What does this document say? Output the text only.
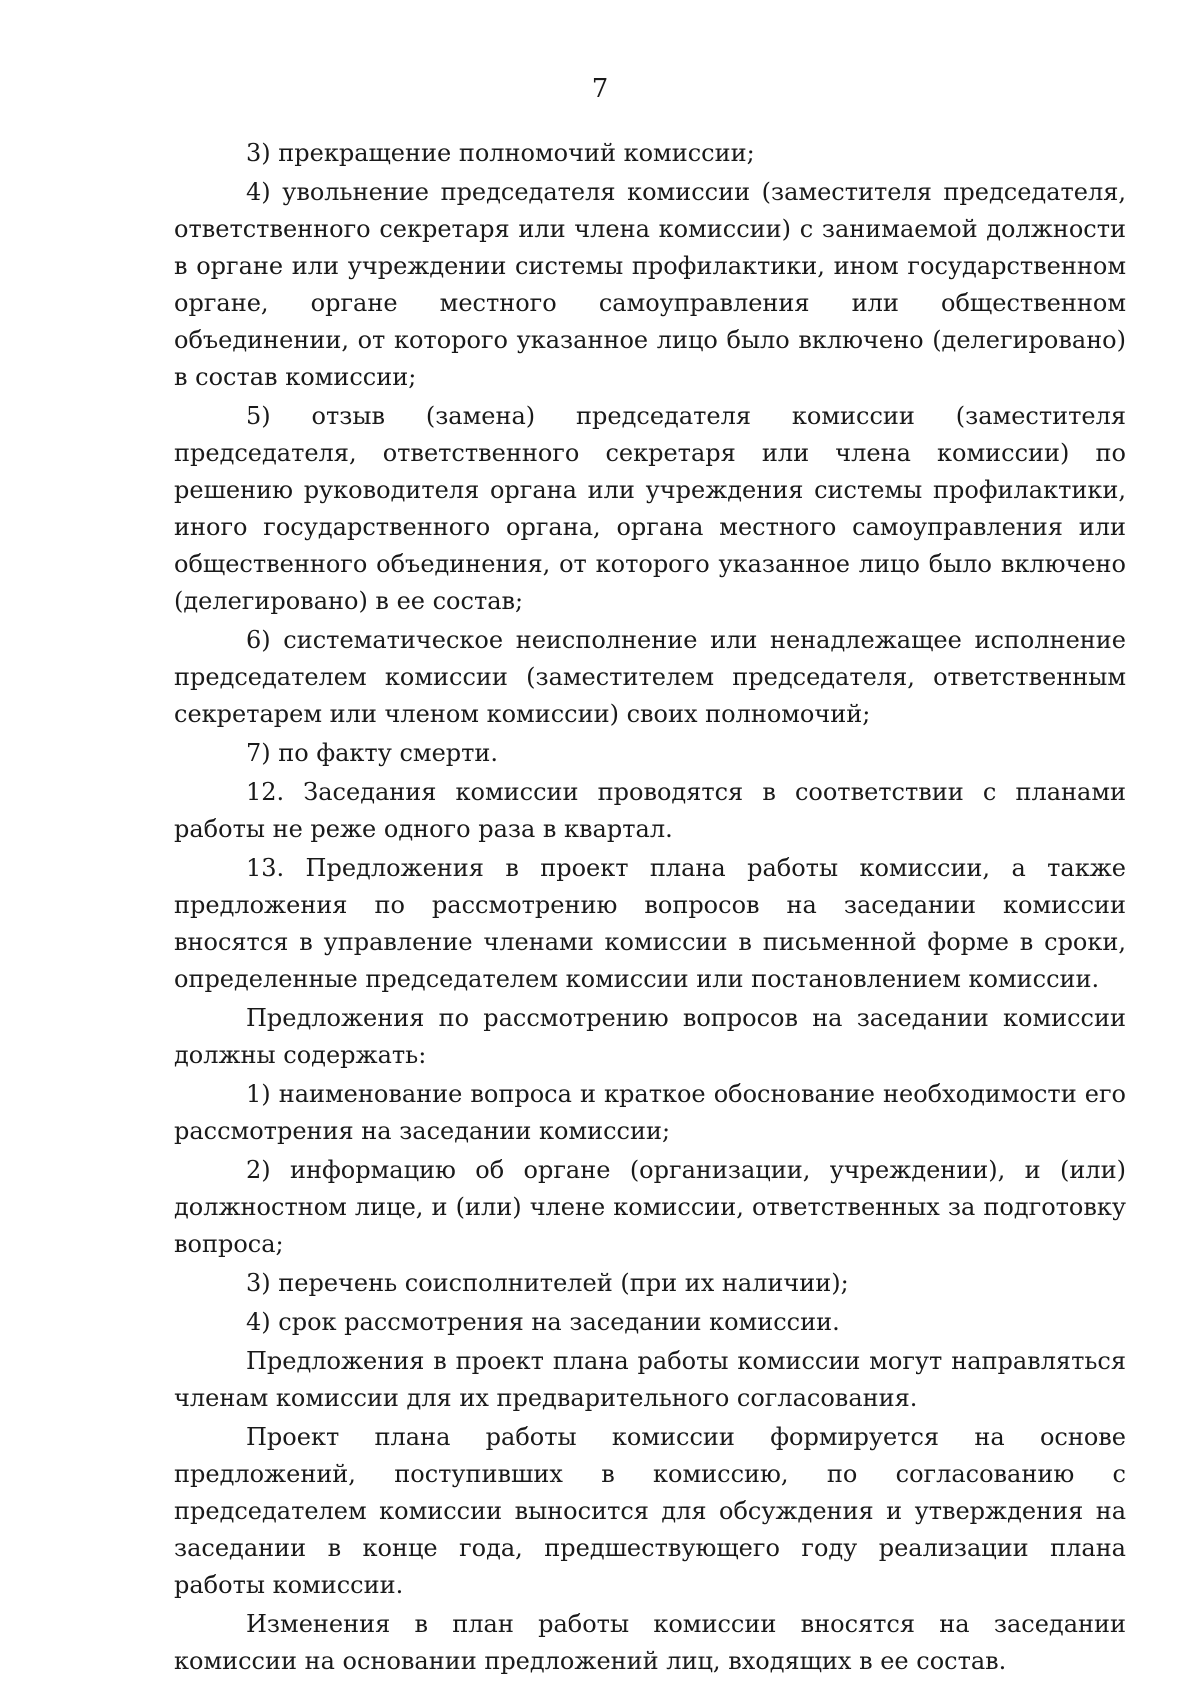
7

3) прекращение полномочий комиссии;

4) увольнение председателя комиссии (заместителя председателя, ответственного секретаря или члена комиссии) с занимаемой должности в органе или учреждении системы профилактики, ином государственном органе, органе местного самоуправления или общественном объединении, от которого указанное лицо было включено (делегировано) в состав комиссии;

5) отзыв (замена) председателя комиссии (заместителя председателя, ответственного секретаря или члена комиссии) по решению руководителя органа или учреждения системы профилактики, иного государственного органа, органа местного самоуправления или общественного объединения, от которого указанное лицо было включено (делегировано) в ее состав;

6) систематическое неисполнение или ненадлежащее исполнение председателем комиссии (заместителем председателя, ответственным секретарем или членом комиссии) своих полномочий;

7) по факту смерти.

12. Заседания комиссии проводятся в соответствии с планами работы не реже одного раза в квартал.

13. Предложения в проект плана работы комиссии, а также предложения по рассмотрению вопросов на заседании комиссии вносятся в управление членами комиссии в письменной форме в сроки, определенные председателем комиссии или постановлением комиссии.

Предложения по рассмотрению вопросов на заседании комиссии должны содержать:

1) наименование вопроса и краткое обоснование необходимости его рассмотрения на заседании комиссии;

2) информацию об органе (организации, учреждении), и (или) должностном лице, и (или) члене комиссии, ответственных за подготовку вопроса;

3) перечень соисполнителей (при их наличии);

4) срок рассмотрения на заседании комиссии.

Предложения в проект плана работы комиссии могут направляться членам комиссии для их предварительного согласования.

Проект плана работы комиссии формируется на основе предложений, поступивших в комиссию, по согласованию с председателем комиссии выносится для обсуждения и утверждения на заседании в конце года, предшествующего году реализации плана работы комиссии.

Изменения в план работы комиссии вносятся на заседании комиссии на основании предложений лиц, входящих в ее состав.
